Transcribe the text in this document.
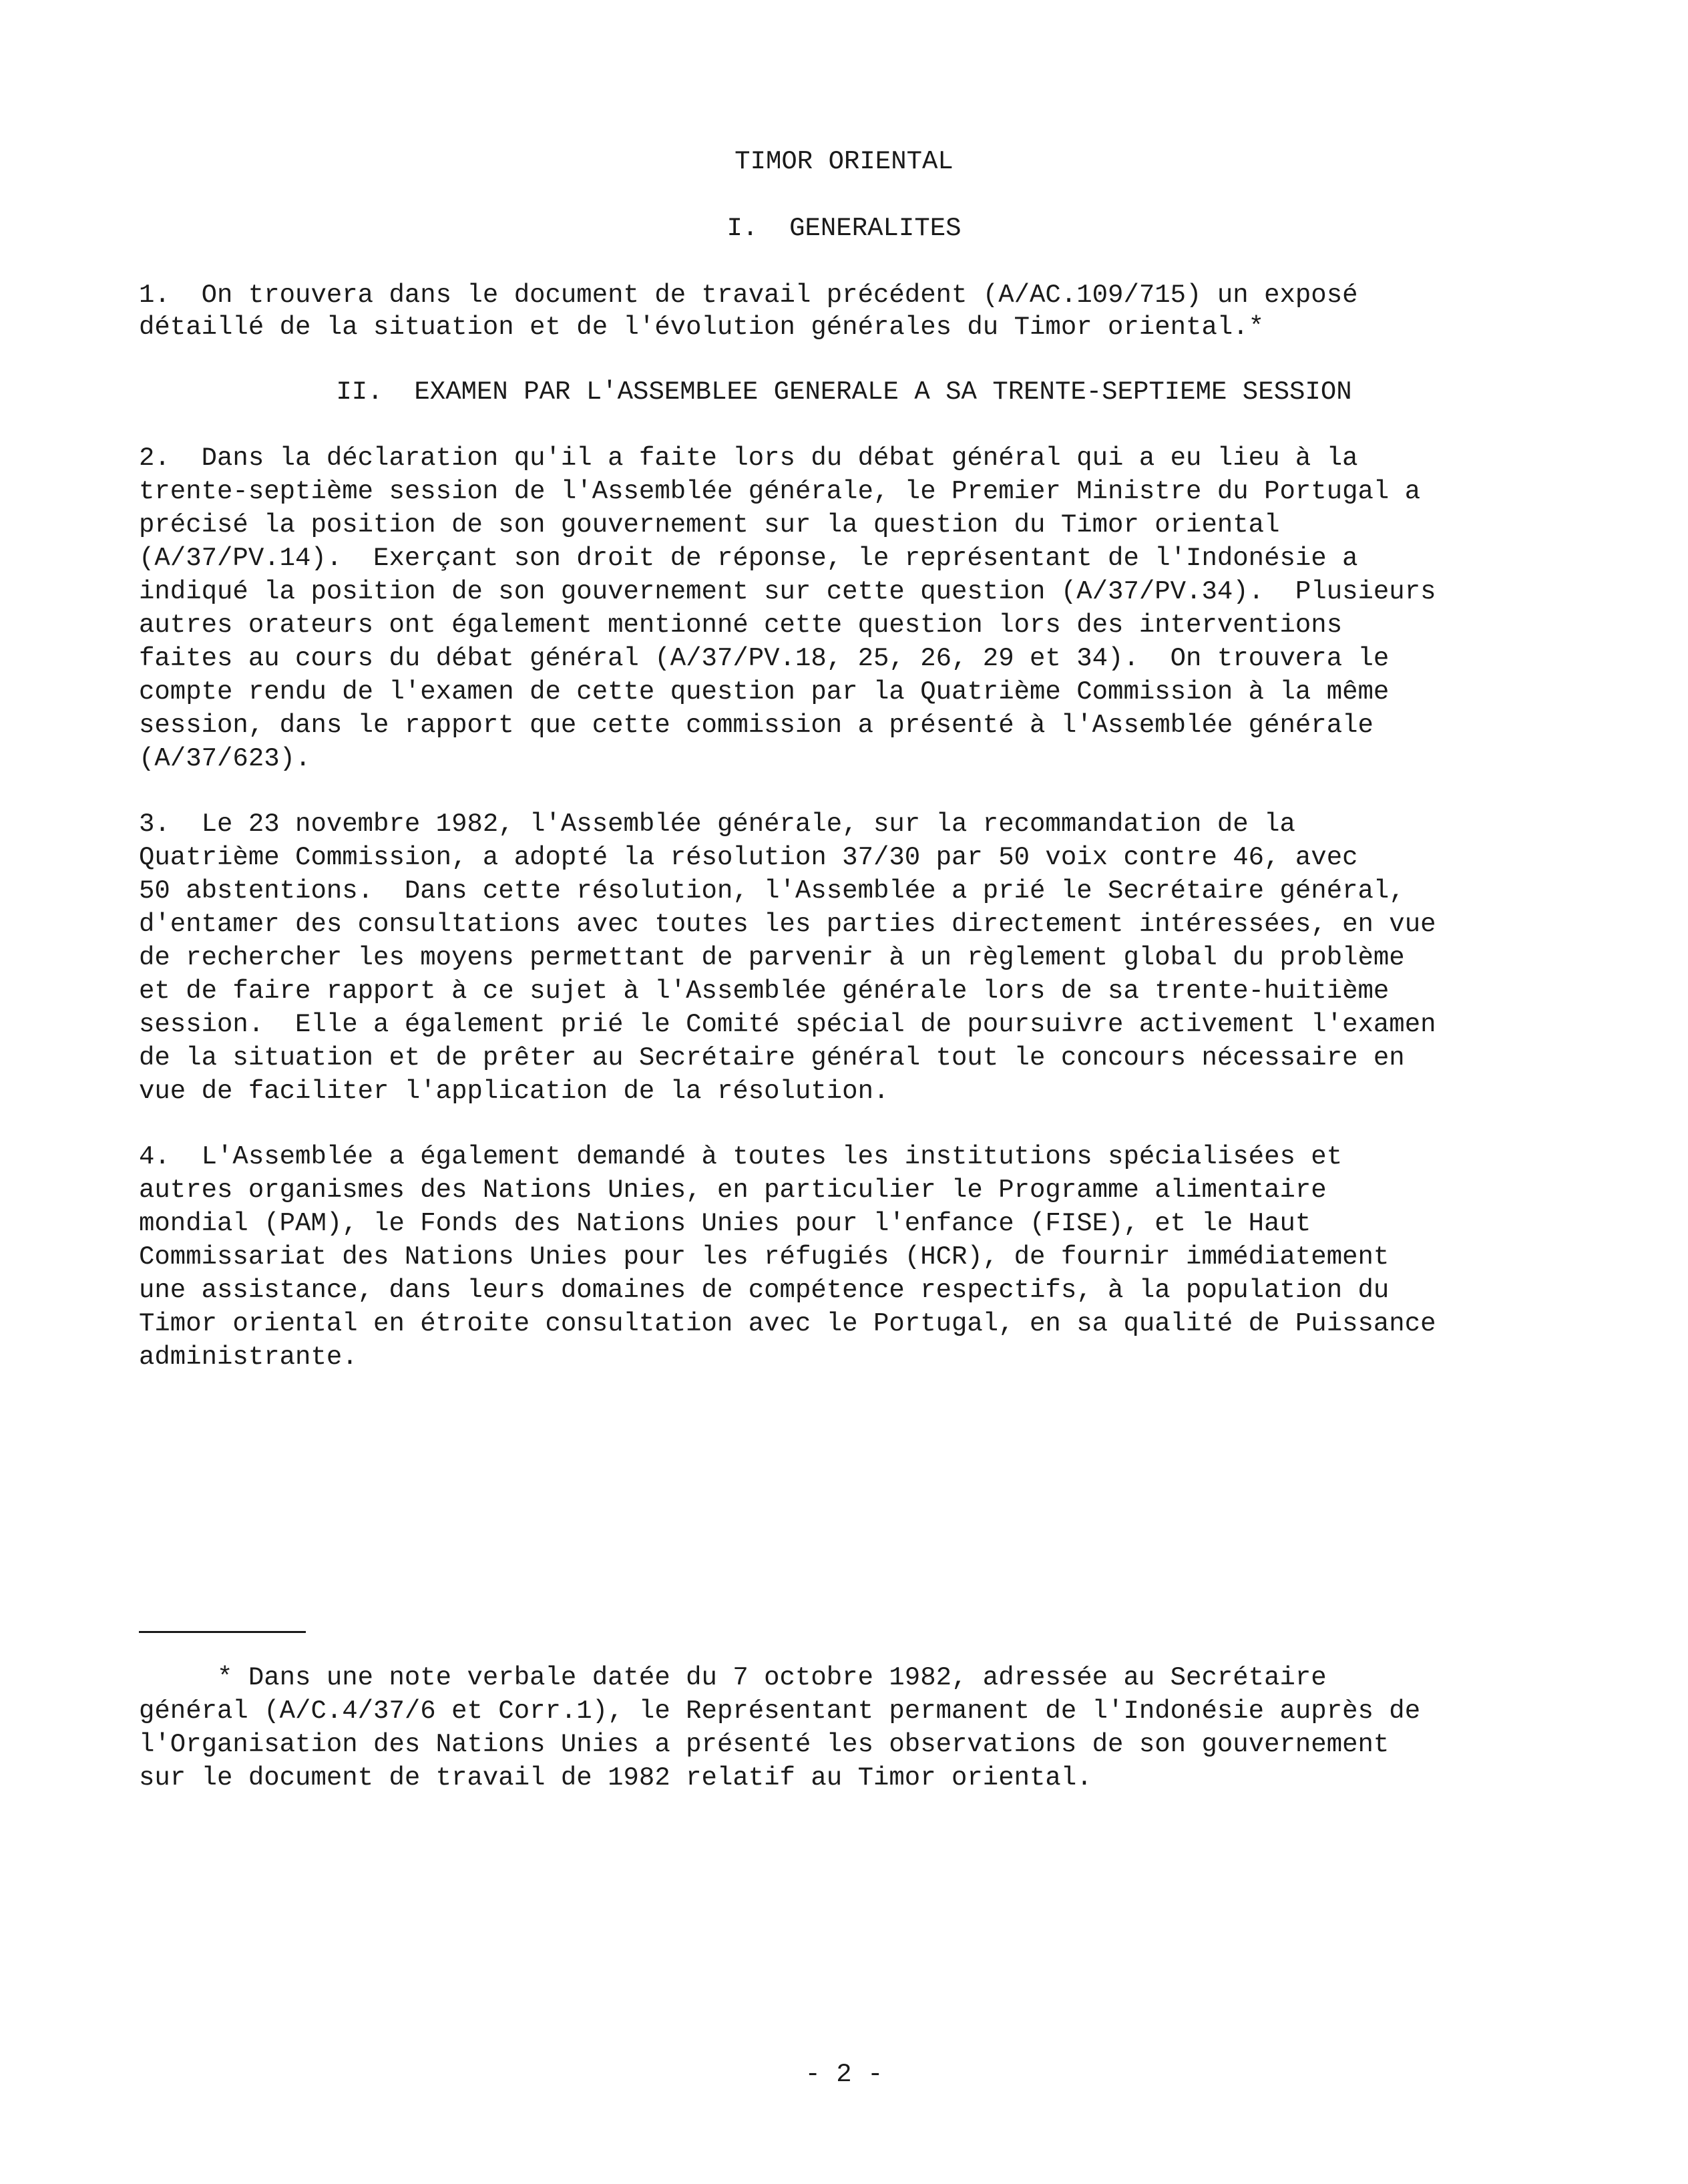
TIMOR ORIENTAL

I.  GENERALITES

1.  On trouvera dans le document de travail précédent (A/AC.109/715) un exposé

détaillé de la situation et de l'évolution générales du Timor oriental.*

II.  EXAMEN PAR L'ASSEMBLEE GENERALE A SA TRENTE-SEPTIEME SESSION

2.  Dans la déclaration qu'il a faite lors du débat général qui a eu lieu à la

trente-septième session de l'Assemblée générale, le Premier Ministre du Portugal a

précisé la position de son gouvernement sur la question du Timor oriental

(A/37/PV.14).  Exerçant son droit de réponse, le représentant de l'Indonésie a

indiqué la position de son gouvernement sur cette question (A/37/PV.34).  Plusieurs

autres orateurs ont également mentionné cette question lors des interventions

faites au cours du débat général (A/37/PV.18, 25, 26, 29 et 34).  On trouvera le

compte rendu de l'examen de cette question par la Quatrième Commission à la même

session, dans le rapport que cette commission a présenté à l'Assemblée générale

(A/37/623).

3.  Le 23 novembre 1982, l'Assemblée générale, sur la recommandation de la

Quatrième Commission, a adopté la résolution 37/30 par 50 voix contre 46, avec

50 abstentions.  Dans cette résolution, l'Assemblée a prié le Secrétaire général,

d'entamer des consultations avec toutes les parties directement intéressées, en vue

de rechercher les moyens permettant de parvenir à un règlement global du problème

et de faire rapport à ce sujet à l'Assemblée générale lors de sa trente-huitième

session.  Elle a également prié le Comité spécial de poursuivre activement l'examen

de la situation et de prêter au Secrétaire général tout le concours nécessaire en

vue de faciliter l'application de la résolution.

4.  L'Assemblée a également demandé à toutes les institutions spécialisées et

autres organismes des Nations Unies, en particulier le Programme alimentaire

mondial (PAM), le Fonds des Nations Unies pour l'enfance (FISE), et le Haut

Commissariat des Nations Unies pour les réfugiés (HCR), de fournir immédiatement

une assistance, dans leurs domaines de compétence respectifs, à la population du

Timor oriental en étroite consultation avec le Portugal, en sa qualité de Puissance

administrante.

* Dans une note verbale datée du 7 octobre 1982, adressée au Secrétaire

général (A/C.4/37/6 et Corr.1), le Représentant permanent de l'Indonésie auprès de

l'Organisation des Nations Unies a présenté les observations de son gouvernement

sur le document de travail de 1982 relatif au Timor oriental.

- 2 -
